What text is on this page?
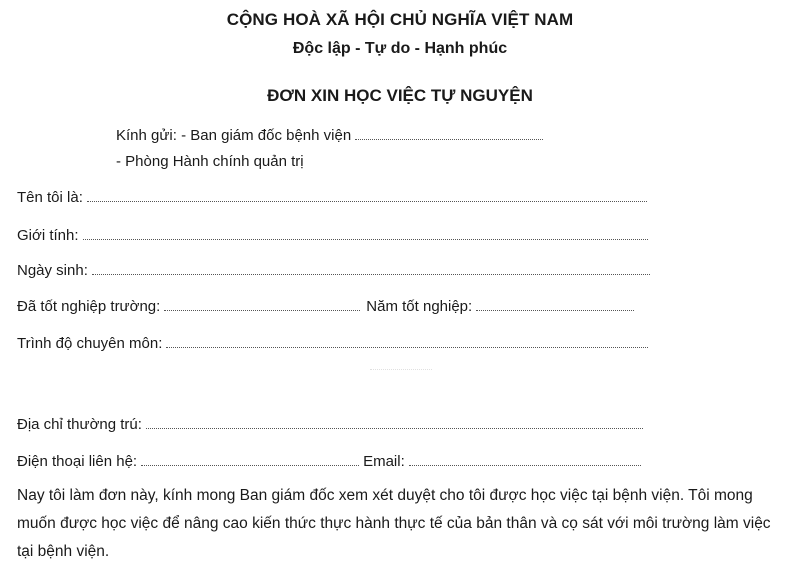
CỘNG HOÀ XÃ HỘI CHỦ NGHĨA VIỆT NAM
Độc lập - Tự do - Hạnh phúc
ĐƠN XIN HỌC VIỆC TỰ NGUYỆN
Kính gửi: - Ban giám đốc bệnh viện
- Phòng Hành chính quản trị
Tên tôi là:
Giới tính:
Ngày sinh:
Đã tốt nghiệp trường:	Năm tốt nghiệp:
Trình độ chuyên môn:
Địa chỉ thường trú:
Điện thoại liên hệ:	Email:

Nay tôi làm đơn này, kính mong Ban giám đốc xem xét duyệt cho tôi được học việc tại bệnh viện. Tôi mong muốn được học việc để nâng cao kiến thức thực hành thực tế của bản thân và cọ sát với môi trường làm việc tại bệnh viện.
